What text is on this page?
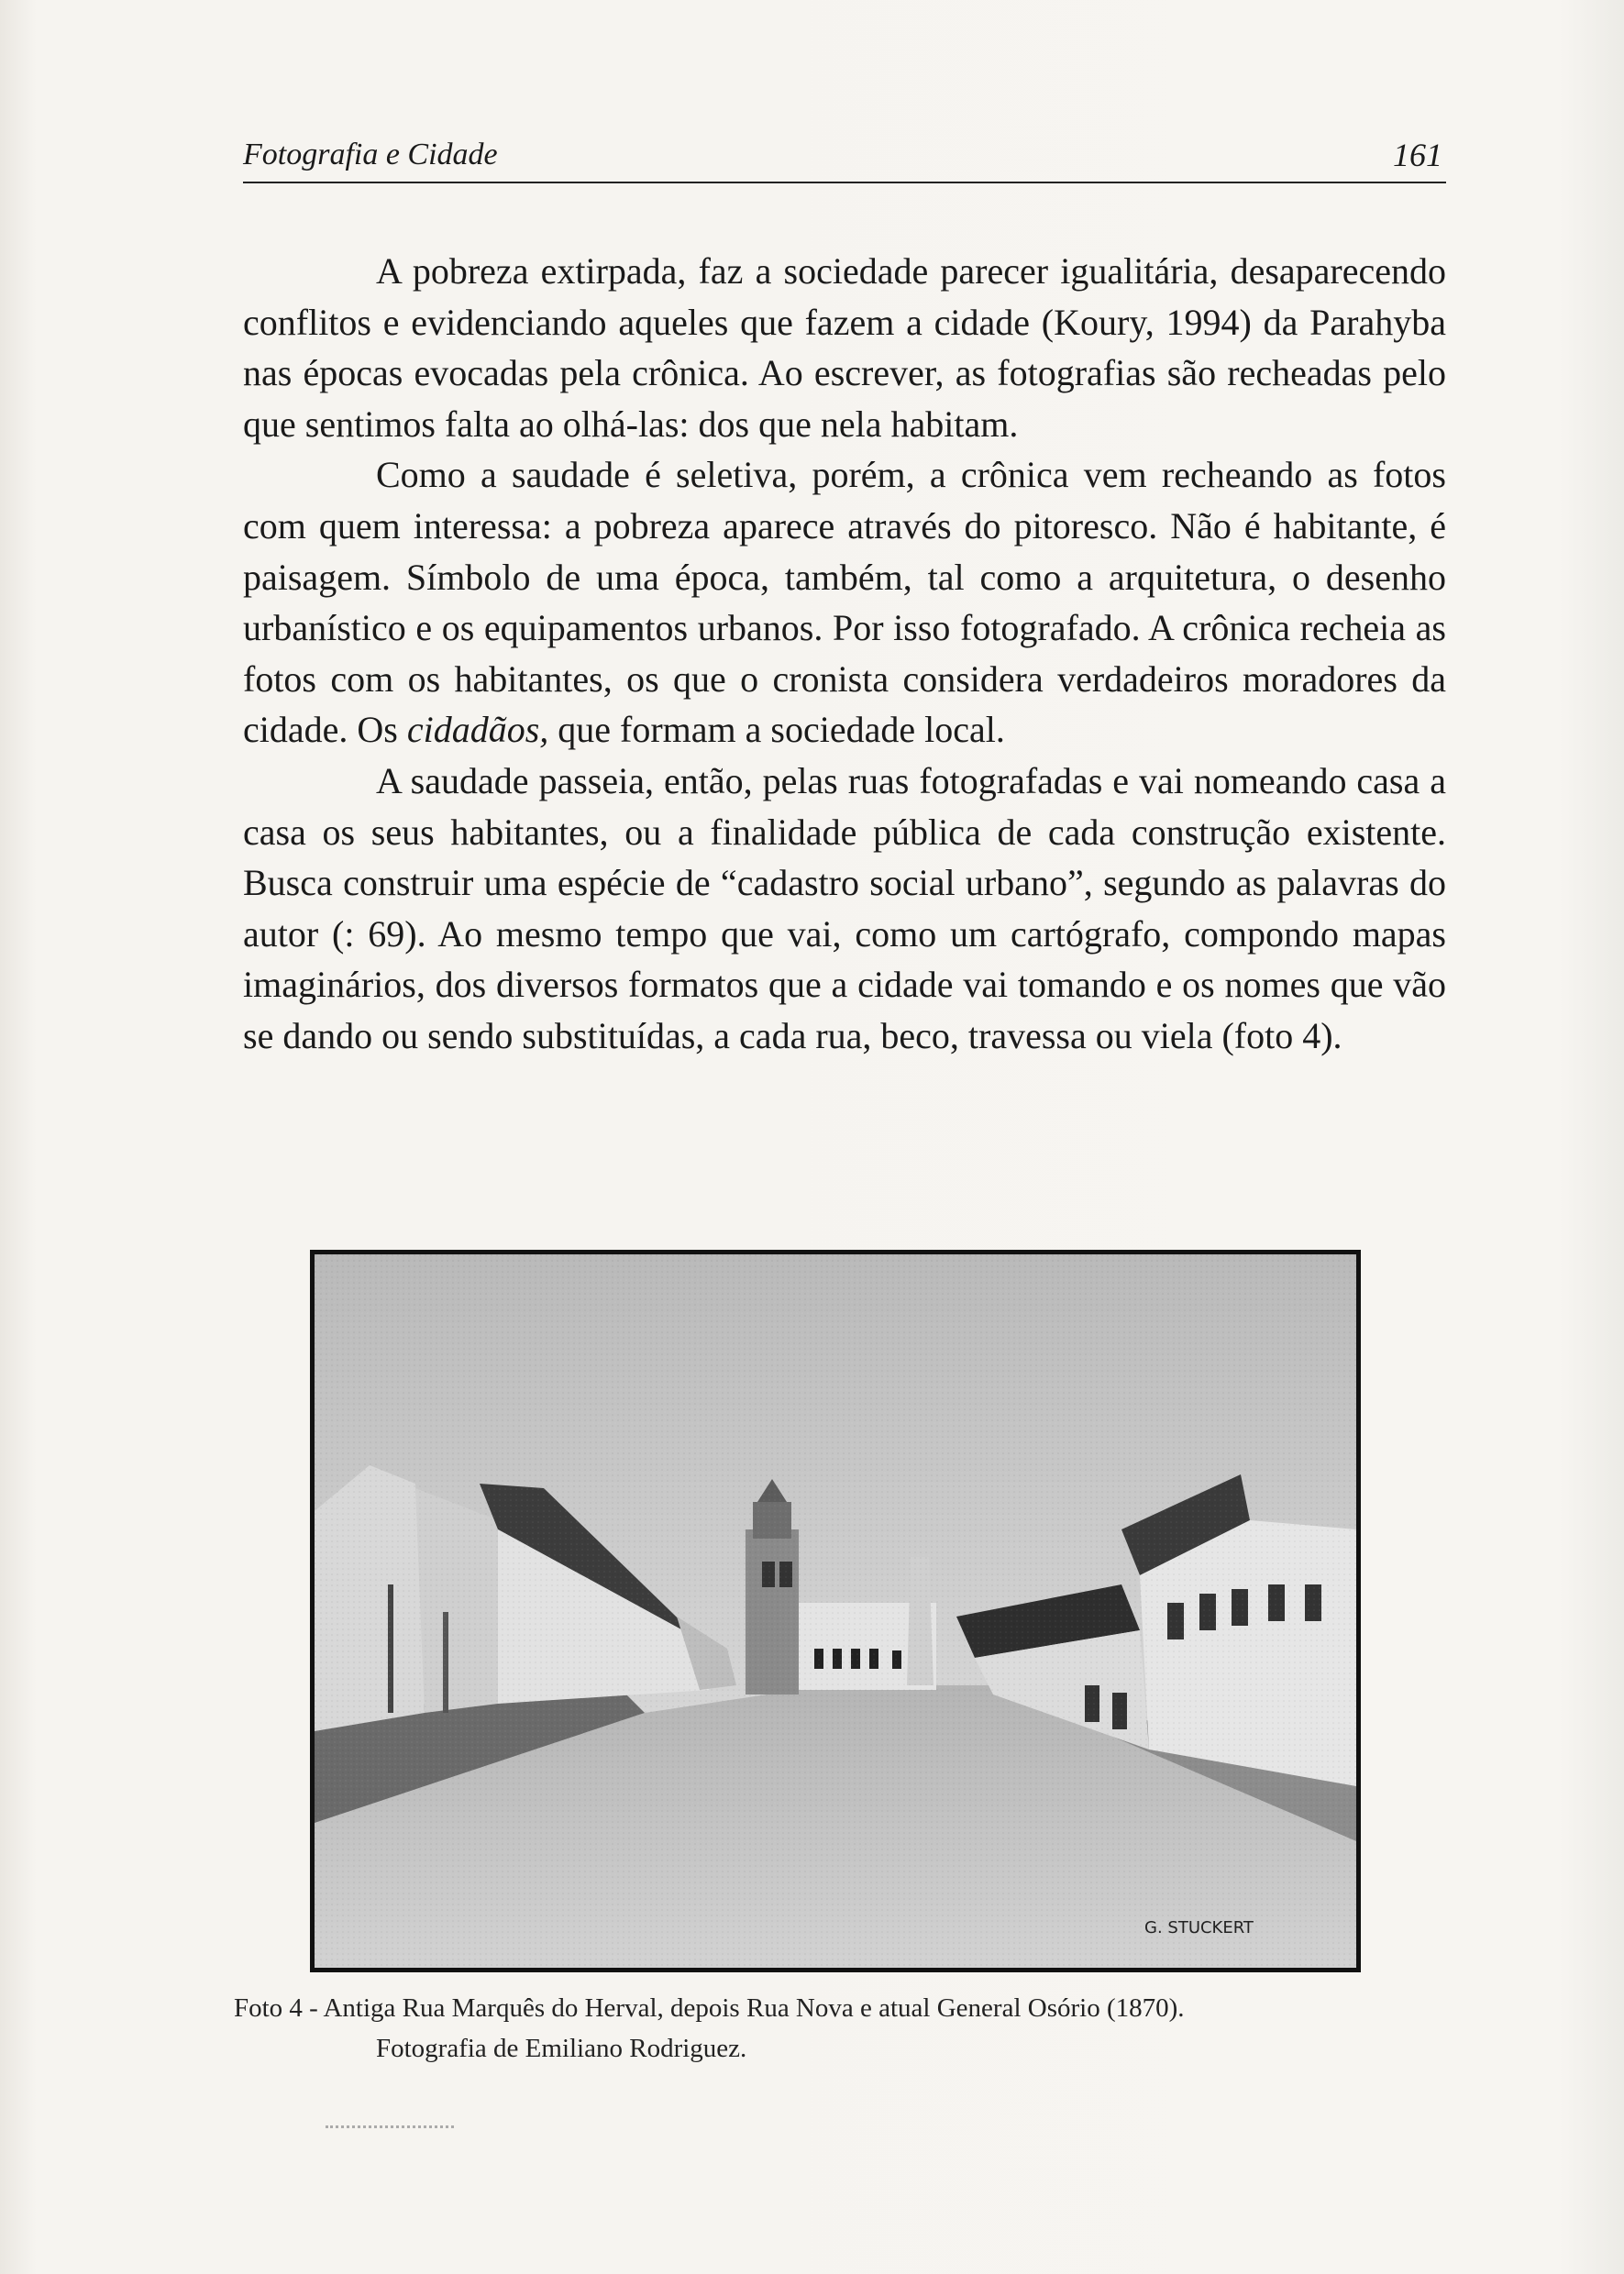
Fotografia e Cidade	161

A pobreza extirpada, faz a sociedade parecer igualitária, desaparecendo conflitos e evidenciando aqueles que fazem a cidade (Koury, 1994) da Parahyba nas épocas evocadas pela crônica. Ao escrever, as fotografias são recheadas pelo que sentimos falta ao olhá-las: dos que nela habitam.

Como a saudade é seletiva, porém, a crônica vem recheando as fotos com quem interessa: a pobreza aparece através do pitoresco. Não é habitante, é paisagem. Símbolo de uma época, também, tal como a arquitetura, o desenho urbanístico e os equipamentos urbanos. Por isso fotografado. A crônica recheia as fotos com os habitantes, os que o cronista considera verdadeiros moradores da cidade. Os cidadãos, que formam a sociedade local.

A saudade passeia, então, pelas ruas fotografadas e vai nomeando casa a casa os seus habitantes, ou a finalidade pública de cada construção existente. Busca construir uma espécie de “cadastro social urbano”, segundo as palavras do autor (: 69). Ao mesmo tempo que vai, como um cartógrafo, compondo mapas imaginários, dos diversos formatos que a cidade vai tomando e os nomes que vão se dando ou sendo substituídas, a cada rua, beco, travessa ou viela (foto 4).

G. STUCKERT
Foto 4 - Antiga Rua Marquês do Herval, depois Rua Nova e atual General Osório (1870).
Fotografia de Emiliano Rodriguez.
